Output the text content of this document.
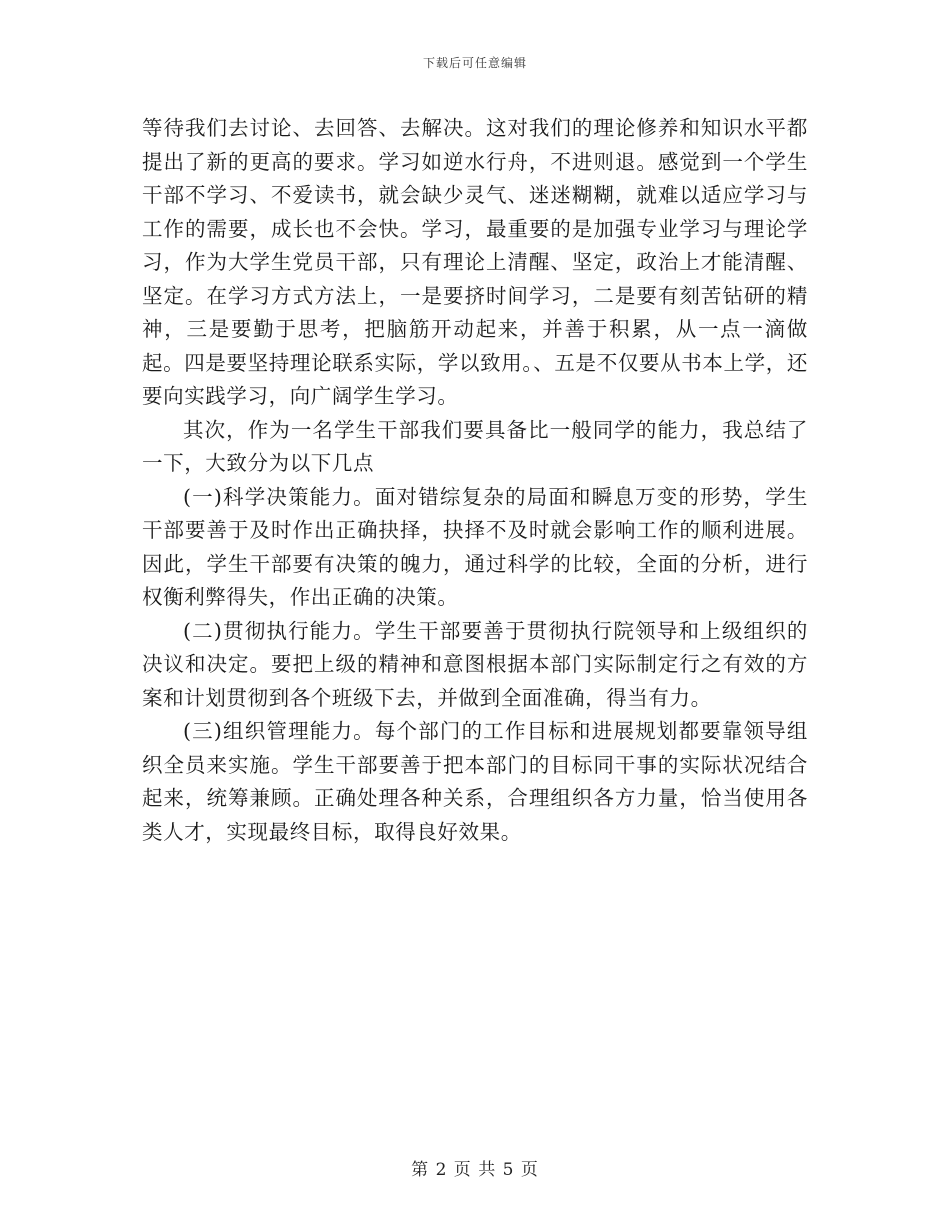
下载后可任意编辑

等待我们去讨论、去回答、去解决。这对我们的理论修养和知识水平都提出了新的更高的要求。学习如逆水行舟，不进则退。感觉到一个学生干部不学习、不爱读书，就会缺少灵气、迷迷糊糊，就难以适应学习与工作的需要，成长也不会快。学习，最重要的是加强专业学习与理论学习，作为大学生党员干部，只有理论上清醒、坚定，政治上才能清醒、坚定。在学习方式方法上，一是要挤时间学习，二是要有刻苦钻研的精神，三是要勤于思考，把脑筋开动起来，并善于积累，从一点一滴做起。四是要坚持理论联系实际，学以致用。、五是不仅要从书本上学，还要向实践学习，向广阔学生学习。

其次，作为一名学生干部我们要具备比一般同学的能力，我总结了一下，大致分为以下几点

(一)科学决策能力。面对错综复杂的局面和瞬息万变的形势，学生干部要善于及时作出正确抉择，抉择不及时就会影响工作的顺利进展。因此，学生干部要有决策的魄力，通过科学的比较，全面的分析，进行权衡利弊得失，作出正确的决策。

(二)贯彻执行能力。学生干部要善于贯彻执行院领导和上级组织的决议和决定。要把上级的精神和意图根据本部门实际制定行之有效的方案和计划贯彻到各个班级下去，并做到全面准确，得当有力。

(三)组织管理能力。每个部门的工作目标和进展规划都要靠领导组织全员来实施。学生干部要善于把本部门的目标同干事的实际状况结合起来，统筹兼顾。正确处理各种关系，合理组织各方力量，恰当使用各类人才，实现最终目标，取得良好效果。

第 2 页 共 5 页
